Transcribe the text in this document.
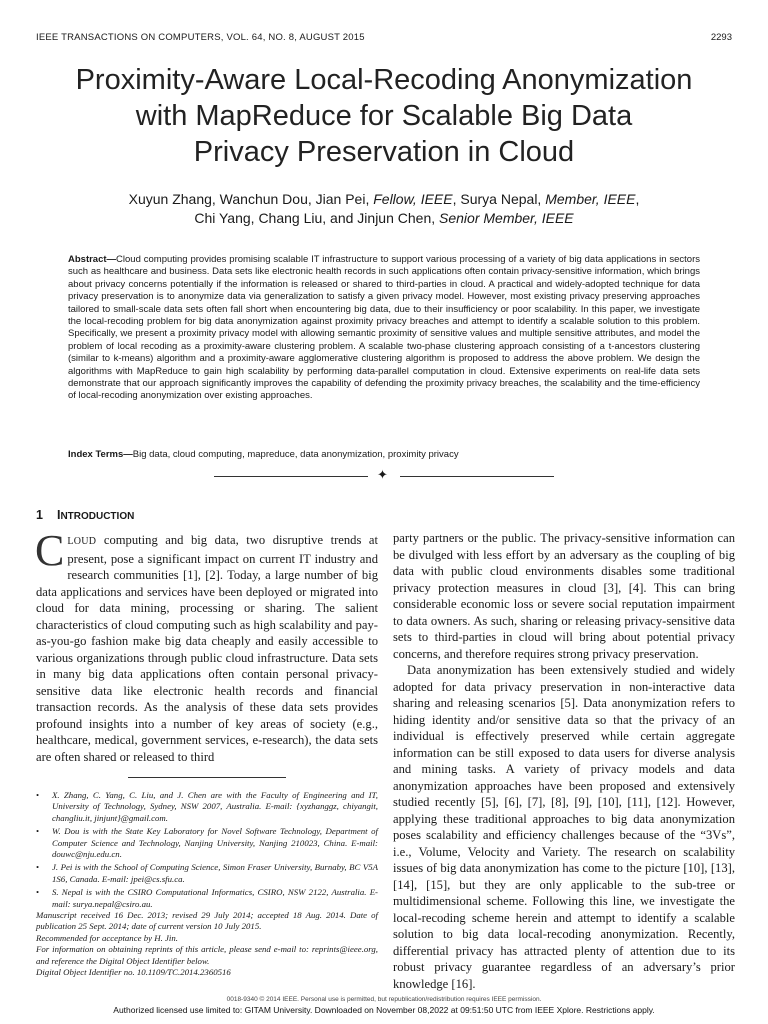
IEEE TRANSACTIONS ON COMPUTERS, VOL. 64, NO. 8, AUGUST 2015	2293
Proximity-Aware Local-Recoding Anonymization
with MapReduce for Scalable Big Data
Privacy Preservation in Cloud
Xuyun Zhang, Wanchun Dou, Jian Pei, Fellow, IEEE, Surya Nepal, Member, IEEE,
Chi Yang, Chang Liu, and Jinjun Chen, Senior Member, IEEE

Abstract—Cloud computing provides promising scalable IT infrastructure to support various processing of a variety of big data applications in sectors such as healthcare and business. Data sets like electronic health records in such applications often contain privacy-sensitive information, which brings about privacy concerns potentially if the information is released or shared to third-parties in cloud. A practical and widely-adopted technique for data privacy preservation is to anonymize data via generalization to satisfy a given privacy model. However, most existing privacy preserving approaches tailored to small-scale data sets often fall short when encountering big data, due to their insufficiency or poor scalability. In this paper, we investigate the local-recoding problem for big data anonymization against proximity privacy breaches and attempt to identify a scalable solution to this problem. Specifically, we present a proximity privacy model with allowing semantic proximity of sensitive values and multiple sensitive attributes, and model the problem of local recoding as a proximity-aware clustering problem. A scalable two-phase clustering approach consisting of a t-ancestors clustering (similar to k-means) algorithm and a proximity-aware agglomerative clustering algorithm is proposed to address the above problem. We design the algorithms with MapReduce to gain high scalability by performing data-parallel computation in cloud. Extensive experiments on real-life data sets demonstrate that our approach significantly improves the capability of defending the proximity privacy breaches, the scalability and the time-efficiency of local-recoding anonymization over existing approaches.

Index Terms—Big data, cloud computing, mapreduce, data anonymization, proximity privacy

✦
1 INTRODUCTION

CLOUD computing and big data, two disruptive trends at present, pose a significant impact on current IT industry and research communities [1], [2]. Today, a large number of big data applications and services have been deployed or migrated into cloud for data mining, processing or sharing. The salient characteristics of cloud computing such as high scalability and pay-as-you-go fashion make big data cheaply and easily accessible to various organizations through public cloud infrastructure. Data sets in many big data applications often contain personal privacy-sensitive data like electronic health records and financial transaction records. As the analysis of these data sets provides profound insights into a number of key areas of society (e.g., healthcare, medical, government services, e-research), the data sets are often shared or released to third

• X. Zhang, C. Yang, C. Liu, and J. Chen are with the Faculty of Engineering and IT, University of Technology, Sydney, NSW 2007, Australia. E-mail: {xyzhanggz, chiyangit, changliu.it, jinjunt}@gmail.com.
• W. Dou is with the State Key Laboratory for Novel Software Technology, Department of Computer Science and Technology, Nanjing University, Nanjing 210023, China. E-mail: douwc@nju.edu.cn.
• J. Pei is with the School of Computing Science, Simon Fraser University, Burnaby, BC V5A 1S6, Canada. E-mail: jpei@cs.sfu.ca.
• S. Nepal is with the CSIRO Computational Informatics, CSIRO, NSW 2122, Australia. E-mail: surya.nepal@csiro.au.
Manuscript received 16 Dec. 2013; revised 29 July 2014; accepted 18 Aug. 2014. Date of publication 25 Sept. 2014; date of current version 10 July 2015.
Recommended for acceptance by H. Jin.
For information on obtaining reprints of this article, please send e-mail to: reprints@ieee.org, and reference the Digital Object Identifier below.
Digital Object Identifier no. 10.1109/TC.2014.2360516

party partners or the public. The privacy-sensitive information can be divulged with less effort by an adversary as the coupling of big data with public cloud environments disables some traditional privacy protection measures in cloud [3], [4]. This can bring considerable economic loss or severe social reputation impairment to data owners. As such, sharing or releasing privacy-sensitive data sets to third-parties in cloud will bring about potential privacy concerns, and therefore requires strong privacy preservation.

Data anonymization has been extensively studied and widely adopted for data privacy preservation in non-interactive data sharing and releasing scenarios [5]. Data anonymization refers to hiding identity and/or sensitive data so that the privacy of an individual is effectively preserved while certain aggregate information can be still exposed to data users for diverse analysis and mining tasks. A variety of privacy models and data anonymization approaches have been proposed and extensively studied recently [5], [6], [7], [8], [9], [10], [11], [12]. However, applying these traditional approaches to big data anonymization poses scalability and efficiency challenges because of the “3Vs”, i.e., Volume, Velocity and Variety. The research on scalability issues of big data anonymization has come to the picture [10], [13], [14], [15], but they are only applicable to the sub-tree or multidimensional scheme. Following this line, we investigate the local-recoding scheme herein and attempt to identify a scalable solution to big data local-recoding anonymization. Recently, differential privacy has attracted plenty of attention due to its robust privacy guarantee regardless of an adversary’s prior knowledge [16].

0018-9340 © 2014 IEEE. Personal use is permitted, but republication/redistribution requires IEEE permission.
Authorized licensed use limited to: GITAM University. Downloaded on November 08,2022 at 09:51:50 UTC from IEEE Xplore. Restrictions apply.
